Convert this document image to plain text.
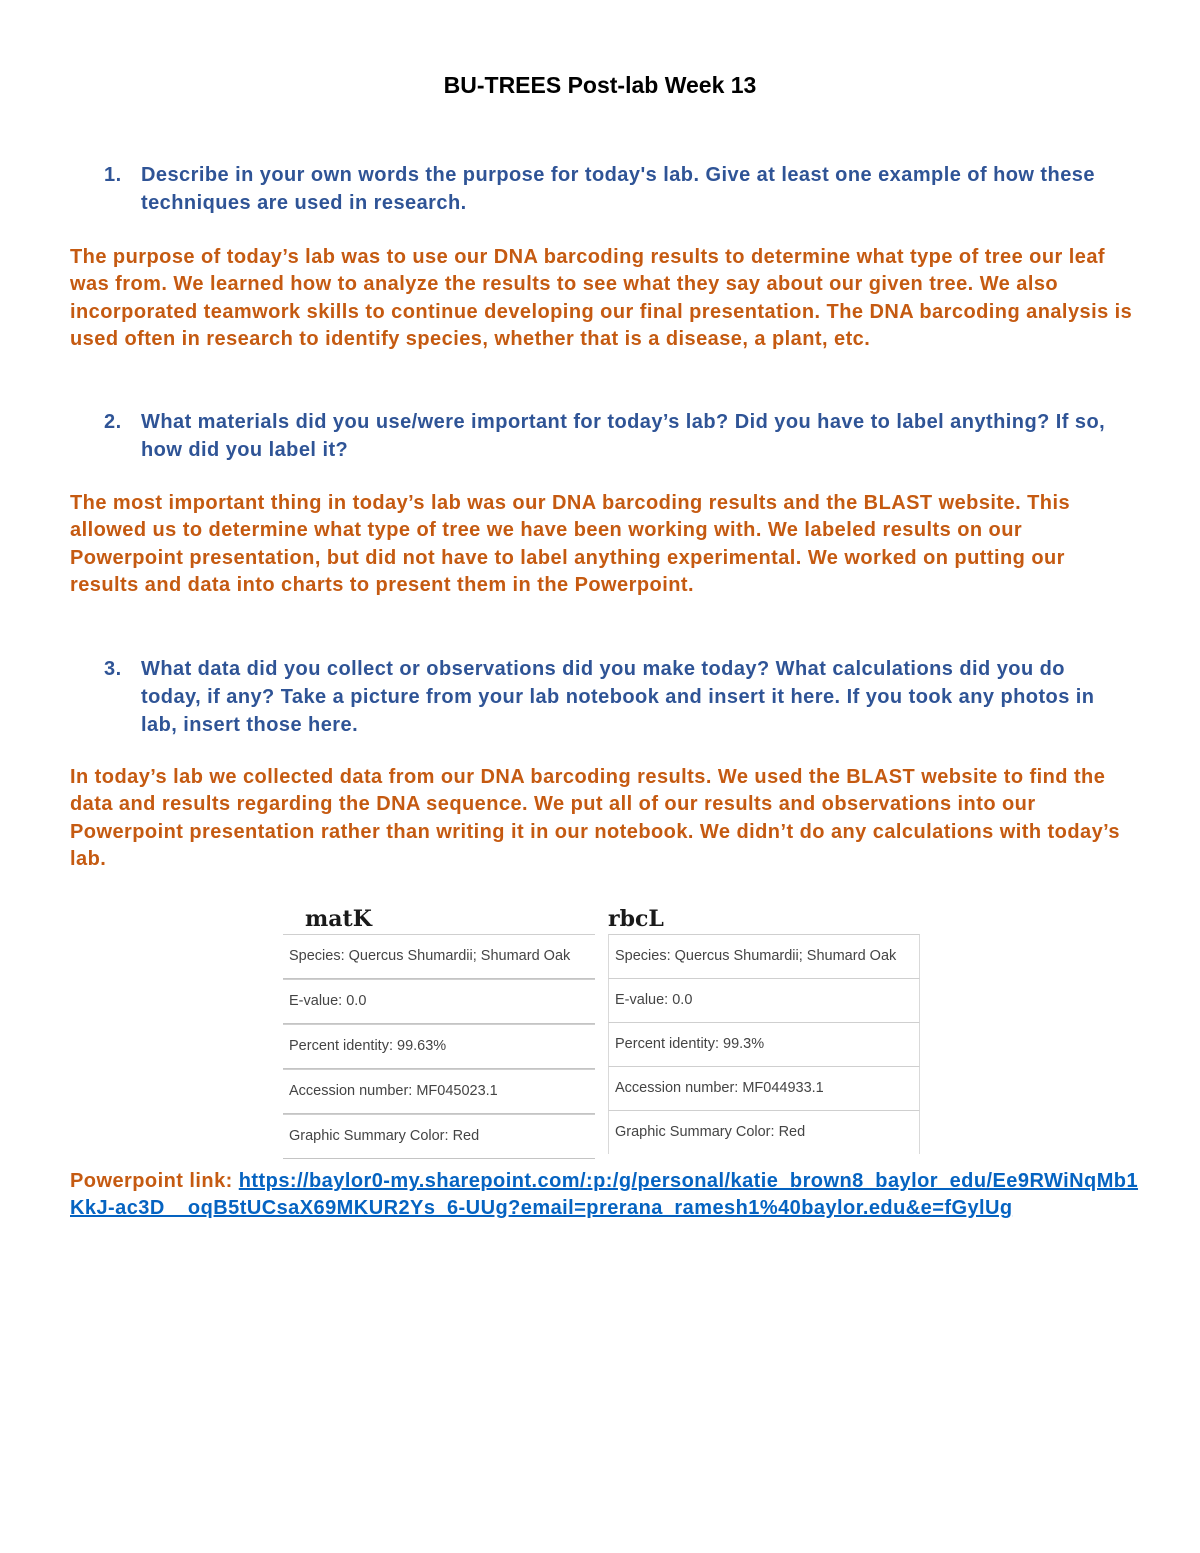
BU-TREES Post-lab Week 13
1. Describe in your own words the purpose for today's lab. Give at least one example of how these techniques are used in research.
The purpose of today’s lab was to use our DNA barcoding results to determine what type of tree our leaf was from. We learned how to analyze the results to see what they say about our given tree. We also incorporated teamwork skills to continue developing our final presentation. The DNA barcoding analysis is used often in research to identify species, whether that is a disease, a plant, etc.
2. What materials did you use/were important for today’s lab? Did you have to label anything? If so, how did you label it?
The most important thing in today’s lab was our DNA barcoding results and the BLAST website. This allowed us to determine what type of tree we have been working with. We labeled results on our Powerpoint presentation, but did not have to label anything experimental. We worked on putting our results and data into charts to present them in the Powerpoint.
3. What data did you collect or observations did you make today? What calculations did you do today, if any? Take a picture from your lab notebook and insert it here. If you took any photos in lab, insert those here.
In today’s lab we collected data from our DNA barcoding results. We used the BLAST website to find the data and results regarding the DNA sequence. We put all of our results and observations into our Powerpoint presentation rather than writing it in our notebook. We didn’t do any calculations with today’s lab.
matK
Species: Quercus Shumardii; Shumard Oak
E-value: 0.0
Percent identity: 99.63%
Accession number: MF045023.1
Graphic Summary Color: Red
rbcL
Species: Quercus Shumardii; Shumard Oak
E-value: 0.0
Percent identity: 99.3%
Accession number: MF044933.1
Graphic Summary Color: Red
Powerpoint link: https://baylor0-my.sharepoint.com/:p:/g/personal/katie_brown8_baylor_edu/Ee9RWiNqMb1KkJ-ac3D__oqB5tUCsaX69MKUR2Ys_6-UUg?email=prerana_ramesh1%40baylor.edu&e=fGylUg
